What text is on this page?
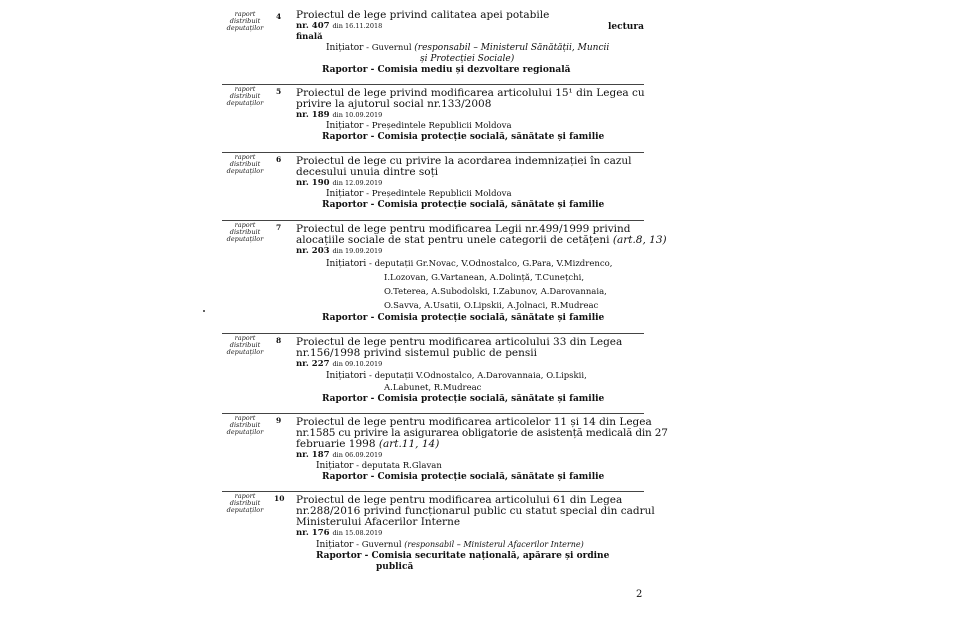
raport
distribuit
deputaților
4
lectura
Proiectul de lege privind calitatea apei potabile
nr. 407 din 16.11.2018
finală
Inițiator - Guvernul (responsabil – Ministerul Sănătății, Muncii
și Protecției Sociale)
Raportor - Comisia mediu și dezvoltare regională
raport
distribuit
deputaților
5 Proiectul de lege privind modificarea articolului 15¹ din Legea cu
privire la ajutorul social nr.133/2008
nr. 189 din 10.09.2019
Inițiator - Președintele Republicii Moldova
Raportor - Comisia protecție socială, sănătate și familie
raport
distribuit
deputaților
6 Proiectul de lege cu privire la acordarea indemnizației în cazul
decesului unuia dintre soți
nr. 190 din 12.09.2019
Inițiator - Președintele Republicii Moldova
Raportor - Comisia protecție socială, sănătate și familie
raport
distribuit
deputaților
7 Proiectul de lege pentru modificarea Legii nr.499/1999 privind
alocațiile sociale de stat pentru unele categorii de cetățeni (art.8, 13)
nr. 203 din 19.09.2019
Inițiatori - deputații Gr.Novac, V.Odnostalco, G.Para, V.Mizdrenco,
I.Lozovan, G.Vartanean, A.Dolință, T.Cunețchi,
O.Teterea, A.Subodolski, I.Zabunov, A.Darovannaia,
O.Savva, A.Usatii, O.Lipskii, A.Jolnaci, R.Mudreac
Raportor - Comisia protecție socială, sănătate și familie
raport
distribuit
deputaților
8 Proiectul de lege pentru modificarea articolului 33 din Legea
nr.156/1998 privind sistemul public de pensii
nr. 227 din 09.10.2019
Inițiatori - deputații V.Odnostalco, A.Darovannaia, O.Lipskii,
A.Labunet, R.Mudreac
Raportor - Comisia protecție socială, sănătate și familie
raport
distribuit
deputaților
9 Proiectul de lege pentru modificarea articolelor 11 și 14 din Legea
nr.1585 cu privire la asigurarea obligatorie de asistență medicală din 27
februarie 1998 (art.11, 14)
nr. 187 din 06.09.2019
Inițiator - deputata R.Glavan
Raportor - Comisia protecție socială, sănătate și familie
raport
distribuit
deputaților
10 Proiectul de lege pentru modificarea articolului 61 din Legea
nr.288/2016 privind funcționarul public cu statut special din cadrul
Ministerului Afacerilor Interne
nr. 176 din 15.08.2019
Inițiator - Guvernul (responsabil – Ministerul Afacerilor Interne)
Raportor - Comisia securitate națională, apărare și ordine
publică
2
